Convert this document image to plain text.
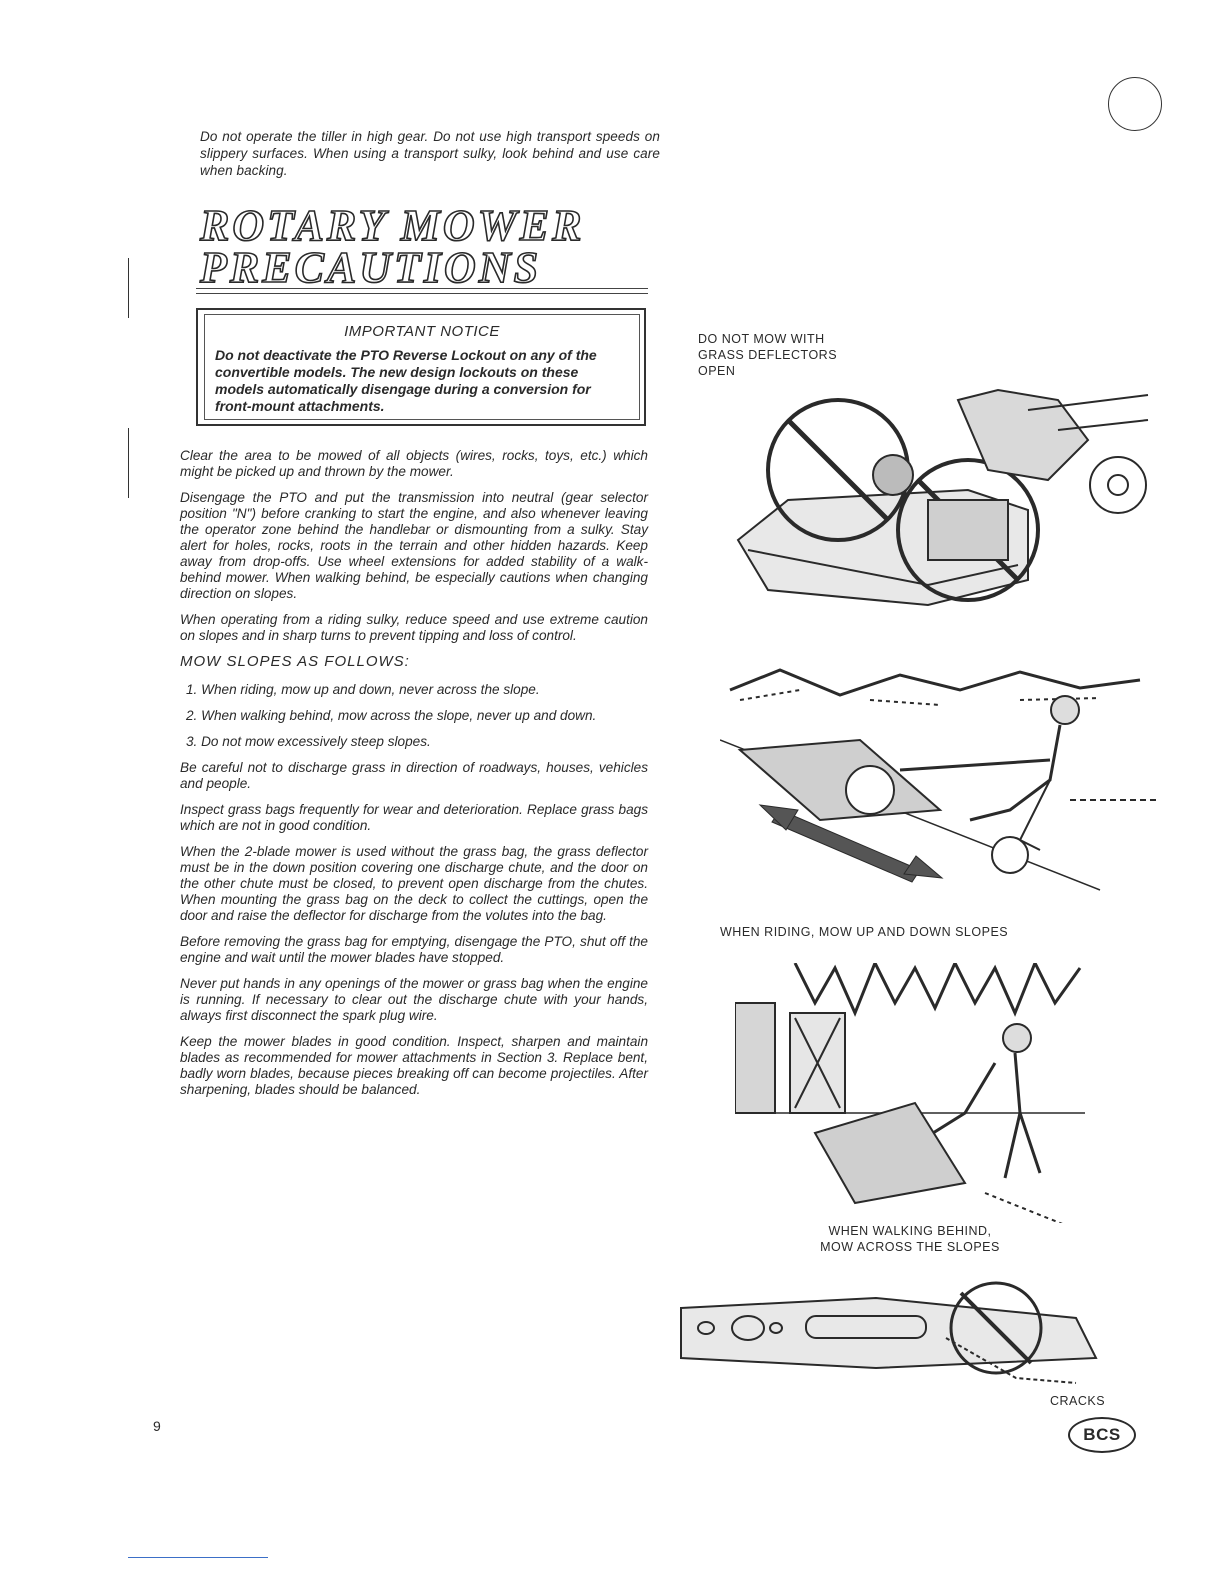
Do not operate the tiller in high gear. Do not use high transport speeds on slippery surfaces. When using a transport sulky, look behind and use care when backing.
ROTARY MOWER
PRECAUTIONS
IMPORTANT NOTICE
Do not deactivate the PTO Reverse Lockout on any of the convertible models. The new design lockouts on these models automatically disengage during a conversion for front-mount attachments.

Clear the area to be mowed of all objects (wires, rocks, toys, etc.) which might be picked up and thrown by the mower.

Disengage the PTO and put the transmission into neutral (gear selector position "N") before cranking to start the engine, and also whenever leaving the operator zone behind the handlebar or dismounting from a sulky. Stay alert for holes, rocks, roots in the terrain and other hidden hazards. Keep away from drop-offs. Use wheel extensions for added stability of a walk-behind mower. When walking behind, be especially cautions when changing direction on slopes.

When operating from a riding sulky, reduce speed and use extreme caution on slopes and in sharp turns to prevent tipping and loss of control.

MOW SLOPES AS FOLLOWS:

1. When riding, mow up and down, never across the slope.

2. When walking behind, mow across the slope, never up and down.

3. Do not mow excessively steep slopes.

Be careful not to discharge grass in direction of roadways, houses, vehicles and people.

Inspect grass bags frequently for wear and deterioration. Replace grass bags which are not in good condition.

When the 2-blade mower is used without the grass bag, the grass deflector must be in the down position covering one discharge chute, and the door on the other chute must be closed, to prevent open discharge from the chutes. When mounting the grass bag on the deck to collect the cuttings, open the door and raise the deflector for discharge from the volutes into the bag.

Before removing the grass bag for emptying, disengage the PTO, shut off the engine and wait until the mower blades have stopped.

Never put hands in any openings of the mower or grass bag when the engine is running. If necessary to clear out the discharge chute with your hands, always first disconnect the spark plug wire.

Keep the mower blades in good condition. Inspect, sharpen and maintain blades as recommended for mower attachments in Section 3. Replace bent, badly worn blades, because pieces breaking off can become projectiles. After sharpening, blades should be balanced.

DO NOT MOW WITH
GRASS DEFLECTORS
OPEN
WHEN RIDING, MOW UP AND DOWN SLOPES
WHEN WALKING BEHIND,
MOW ACROSS THE SLOPES
CRACKS
BCS
9
